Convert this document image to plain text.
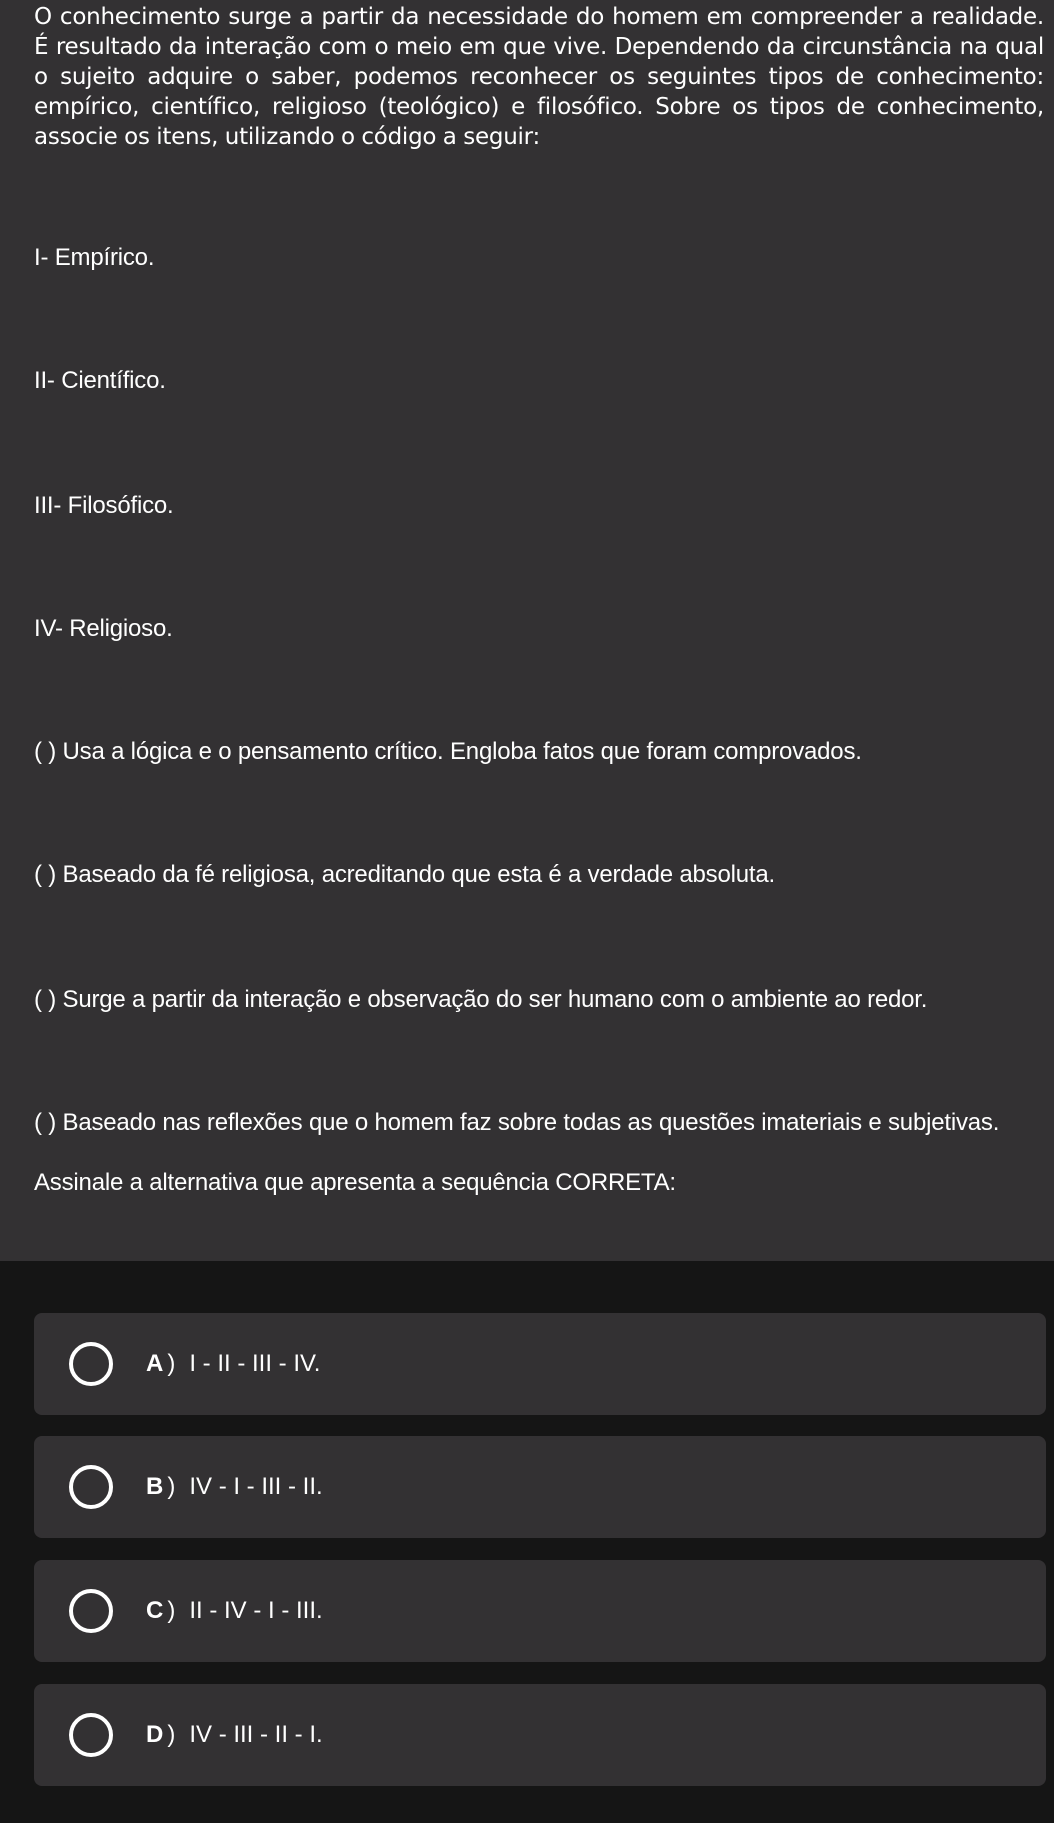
O conhecimento surge a partir da necessidade do homem em compreender a realidade. É resultado da interação com o meio em que vive. Dependendo da circunstância na qual o sujeito adquire o saber, podemos reconhecer os seguintes tipos de conhecimento: empírico, científico, religioso (teológico) e filosófico. Sobre os tipos de conhecimento, associe os itens, utilizando o código a seguir:

I- Empírico.
II- Científico.
III- Filosófico.
IV- Religioso.
( ) Usa a lógica e o pensamento crítico. Engloba fatos que foram comprovados.
( ) Baseado da fé religiosa, acreditando que esta é a verdade absoluta.
( ) Surge a partir da interação e observação do ser humano com o ambiente ao redor.
( ) Baseado nas reflexões que o homem faz sobre todas as questões imateriais e subjetivas.
Assinale a alternativa que apresenta a sequência CORRETA:
A ) I - II - III - IV.
B ) IV - I - III - II.
C ) II - IV - I - III.
D ) IV - III - II - I.
